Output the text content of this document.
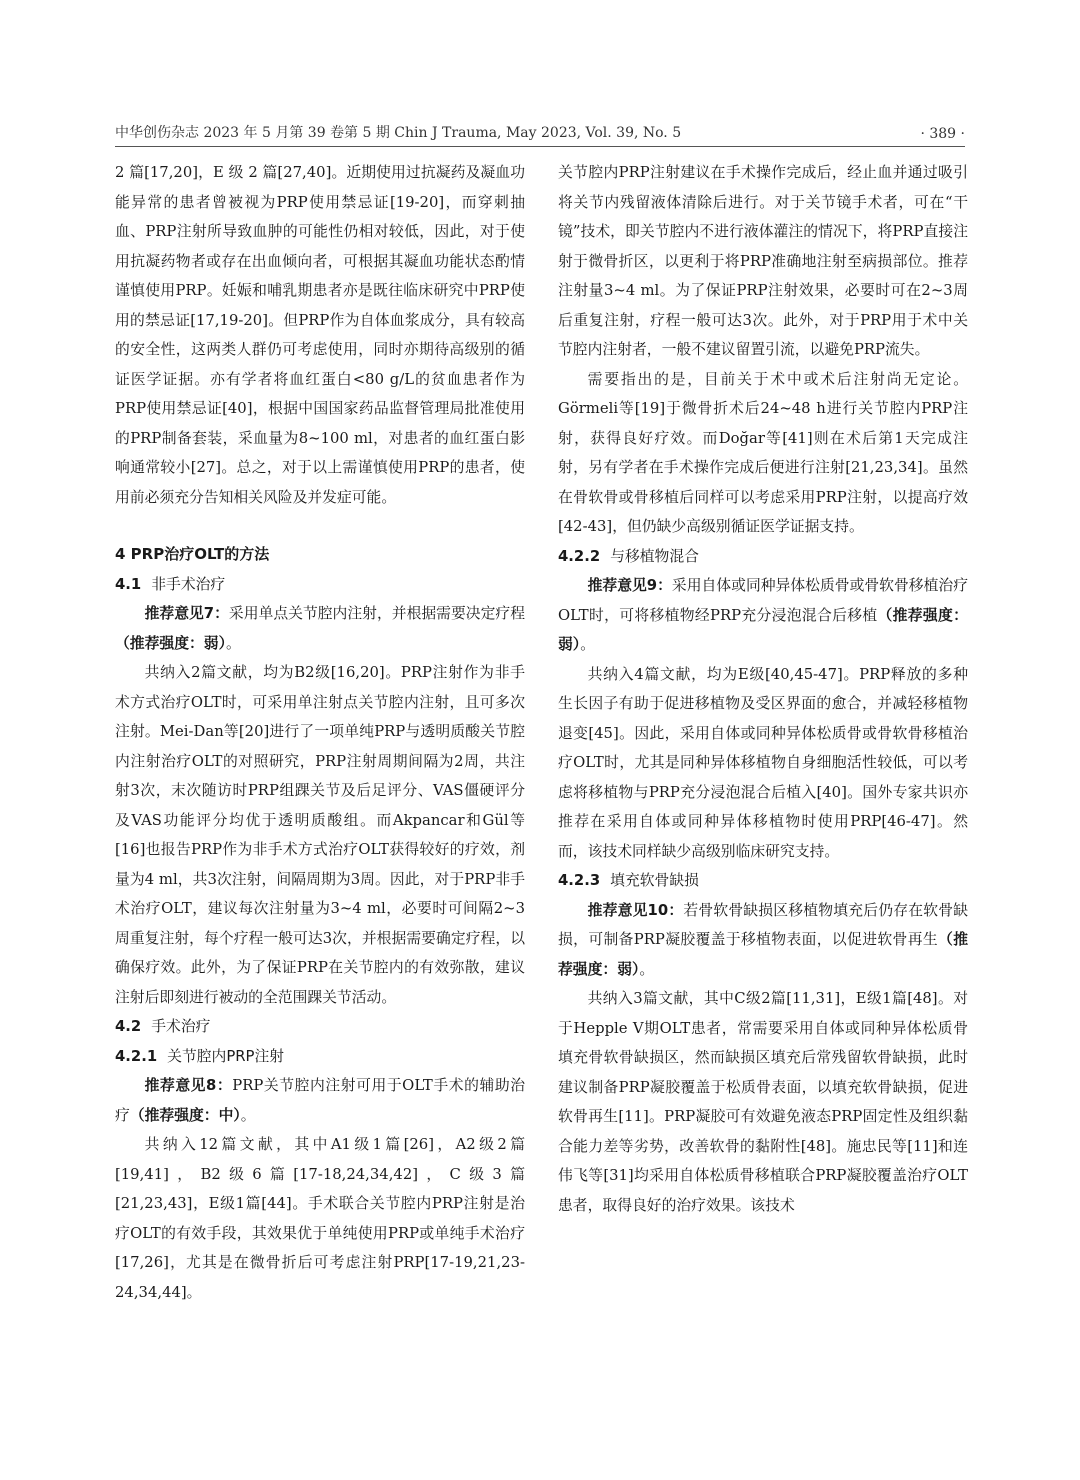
中华创伤杂志 2023 年 5 月第 39 卷第 5 期 Chin J Trauma, May 2023, Vol. 39, No. 5	· 389 ·

2 篇[17,20]，E 级 2 篇[27,40]。近期使用过抗凝药及凝血功能异常的患者曾被视为PRP使用禁忌证[19-20]，而穿刺抽血、PRP注射所导致血肿的可能性仍相对较低，因此，对于使用抗凝药物者或存在出血倾向者，可根据其凝血功能状态酌情谨慎使用PRP。妊娠和哺乳期患者亦是既往临床研究中PRP使用的禁忌证[17,19-20]。但PRP作为自体血浆成分，具有较高的安全性，这两类人群仍可考虑使用，同时亦期待高级别的循证医学证据。亦有学者将血红蛋白<80 g/L的贫血患者作为PRP使用禁忌证[40]，根据中国国家药品监督管理局批准使用的PRP制备套装，采血量为8~100 ml，对患者的血红蛋白影响通常较小[27]。总之，对于以上需谨慎使用PRP的患者，使用前必须充分告知相关风险及并发症可能。

4 PRP治疗OLT的方法

4.1 非手术治疗

推荐意见7：采用单点关节腔内注射，并根据需要决定疗程（推荐强度：弱）。

共纳入2篇文献，均为B2级[16,20]。PRP注射作为非手术方式治疗OLT时，可采用单注射点关节腔内注射，且可多次注射。Mei-Dan等[20]进行了一项单纯PRP与透明质酸关节腔内注射治疗OLT的对照研究，PRP注射周期间隔为2周，共注射3次，末次随访时PRP组踝关节及后足评分、VAS僵硬评分及VAS功能评分均优于透明质酸组。而Akpancar和Gül等[16]也报告PRP作为非手术方式治疗OLT获得较好的疗效，剂量为4 ml，共3次注射，间隔周期为3周。因此，对于PRP非手术治疗OLT，建议每次注射量为3~4 ml，必要时可间隔2~3周重复注射，每个疗程一般可达3次，并根据需要确定疗程，以确保疗效。此外，为了保证PRP在关节腔内的有效弥散，建议注射后即刻进行被动的全范围踝关节活动。

4.2 手术治疗

4.2.1 关节腔内PRP注射

推荐意见8：PRP关节腔内注射可用于OLT手术的辅助治疗（推荐强度：中）。

共纳入12篇文献，其中A1级1篇[26]，A2级2篇[19,41]，B2级6篇[17-18,24,34,42]，C级3篇[21,23,43]，E级1篇[44]。手术联合关节腔内PRP注射是治疗OLT的有效手段，其效果优于单纯使用PRP或单纯手术治疗[17,26]，尤其是在微骨折后可考虑注射PRP[17-19,21,23-24,34,44]。

关节腔内PRP注射建议在手术操作完成后，经止血并通过吸引将关节内残留液体清除后进行。对于关节镜手术者，可在“干镜”技术，即关节腔内不进行液体灌注的情况下，将PRP直接注射于微骨折区，以更利于将PRP准确地注射至病损部位。推荐注射量3~4 ml。为了保证PRP注射效果，必要时可在2~3周后重复注射，疗程一般可达3次。此外，对于PRP用于术中关节腔内注射者，一般不建议留置引流，以避免PRP流失。

需要指出的是，目前关于术中或术后注射尚无定论。Görmeli等[19]于微骨折术后24~48 h进行关节腔内PRP注射，获得良好疗效。而Doğar等[41]则在术后第1天完成注射，另有学者在手术操作完成后便进行注射[21,23,34]。虽然在骨软骨或骨移植后同样可以考虑采用PRP注射，以提高疗效[42-43]，但仍缺少高级别循证医学证据支持。

4.2.2 与移植物混合

推荐意见9：采用自体或同种异体松质骨或骨软骨移植治疗OLT时，可将移植物经PRP充分浸泡混合后移植（推荐强度：弱）。

共纳入4篇文献，均为E级[40,45-47]。PRP释放的多种生长因子有助于促进移植物及受区界面的愈合，并减轻移植物退变[45]。因此，采用自体或同种异体松质骨或骨软骨移植治疗OLT时，尤其是同种异体移植物自身细胞活性较低，可以考虑将移植物与PRP充分浸泡混合后植入[40]。国外专家共识亦推荐在采用自体或同种异体移植物时使用PRP[46-47]。然而，该技术同样缺少高级别临床研究支持。

4.2.3 填充软骨缺损

推荐意见10：若骨软骨缺损区移植物填充后仍存在软骨缺损，可制备PRP凝胶覆盖于移植物表面，以促进软骨再生（推荐强度：弱）。

共纳入3篇文献，其中C级2篇[11,31]，E级1篇[48]。对于Hepple Ⅴ期OLT患者，常需要采用自体或同种异体松质骨填充骨软骨缺损区，然而缺损区填充后常残留软骨缺损，此时建议制备PRP凝胶覆盖于松质骨表面，以填充软骨缺损，促进软骨再生[11]。PRP凝胶可有效避免液态PRP固定性及组织黏合能力差等劣势，改善软骨的黏附性[48]。施忠民等[11]和连伟飞等[31]均采用自体松质骨移植联合PRP凝胶覆盖治疗OLT患者，取得良好的治疗效果。该技术
